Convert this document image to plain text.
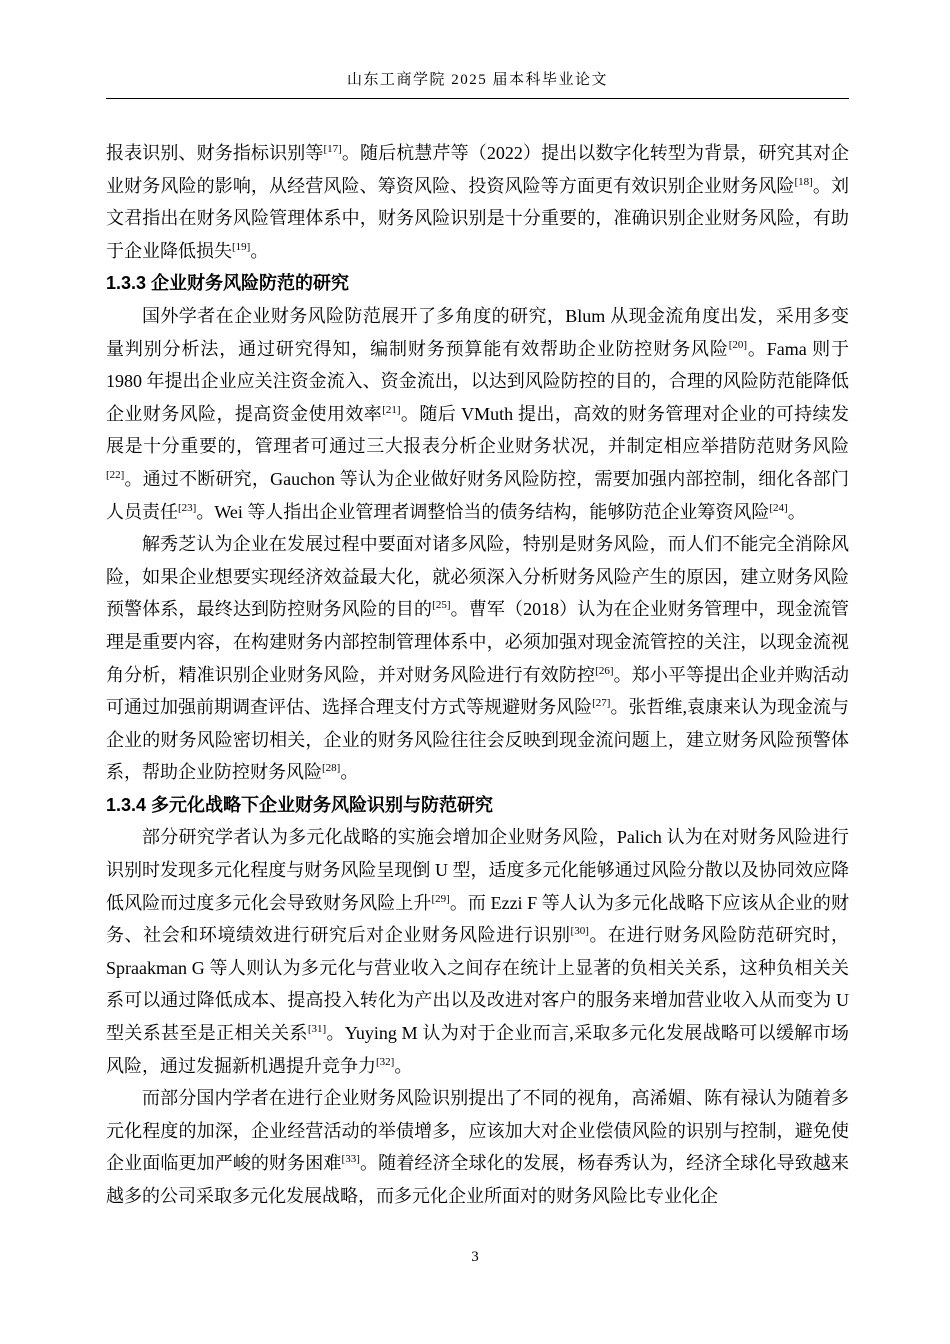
山东工商学院 2025 届本科毕业论文

报表识别、财务指标识别等[17]。随后杭慧芹等（2022）提出以数字化转型为背景，研究其对企业财务风险的影响，从经营风险、筹资风险、投资风险等方面更有效识别企业财务风险[18]。刘文君指出在财务风险管理体系中，财务风险识别是十分重要的，准确识别企业财务风险，有助于企业降低损失[19]。

1.3.3 企业财务风险防范的研究

国外学者在企业财务风险防范展开了多角度的研究，Blum 从现金流角度出发，采用多变量判别分析法，通过研究得知，编制财务预算能有效帮助企业防控财务风险[20]。Fama 则于 1980 年提出企业应关注资金流入、资金流出，以达到风险防控的目的，合理的风险防范能降低企业财务风险，提高资金使用效率[21]。随后 VMuth 提出，高效的财务管理对企业的可持续发展是十分重要的，管理者可通过三大报表分析企业财务状况，并制定相应举措防范财务风险[22]。通过不断研究，Gauchon 等认为企业做好财务风险防控，需要加强内部控制，细化各部门人员责任[23]。Wei 等人指出企业管理者调整恰当的债务结构，能够防范企业筹资风险[24]。

解秀芝认为企业在发展过程中要面对诸多风险，特别是财务风险，而人们不能完全消除风险，如果企业想要实现经济效益最大化，就必须深入分析财务风险产生的原因，建立财务风险预警体系，最终达到防控财务风险的目的[25]。曹军（2018）认为在企业财务管理中，现金流管理是重要内容，在构建财务内部控制管理体系中，必须加强对现金流管控的关注，以现金流视角分析，精准识别企业财务风险，并对财务风险进行有效防控[26]。郑小平等提出企业并购活动可通过加强前期调查评估、选择合理支付方式等规避财务风险[27]。张哲维,袁康来认为现金流与企业的财务风险密切相关，企业的财务风险往往会反映到现金流问题上，建立财务风险预警体系，帮助企业防控财务风险[28]。

1.3.4 多元化战略下企业财务风险识别与防范研究

部分研究学者认为多元化战略的实施会增加企业财务风险，Palich 认为在对财务风险进行识别时发现多元化程度与财务风险呈现倒 U 型，适度多元化能够通过风险分散以及协同效应降低风险而过度多元化会导致财务风险上升[29]。而 Ezzi F 等人认为多元化战略下应该从企业的财务、社会和环境绩效进行研究后对企业财务风险进行识别[30]。在进行财务风险防范研究时，Spraakman G 等人则认为多元化与营业收入之间存在统计上显著的负相关关系，这种负相关关系可以通过降低成本、提高投入转化为产出以及改进对客户的服务来增加营业收入从而变为 U 型关系甚至是正相关关系[31]。Yuying M 认为对于企业而言,采取多元化发展战略可以缓解市场风险，通过发掘新机遇提升竞争力[32]。

而部分国内学者在进行企业财务风险识别提出了不同的视角，高浠媚、陈有禄认为随着多元化程度的加深，企业经营活动的举债增多，应该加大对企业偿债风险的识别与控制，避免使企业面临更加严峻的财务困难[33]。随着经济全球化的发展，杨春秀认为，经济全球化导致越来越多的公司采取多元化发展战略，而多元化企业所面对的财务风险比专业化企

3
